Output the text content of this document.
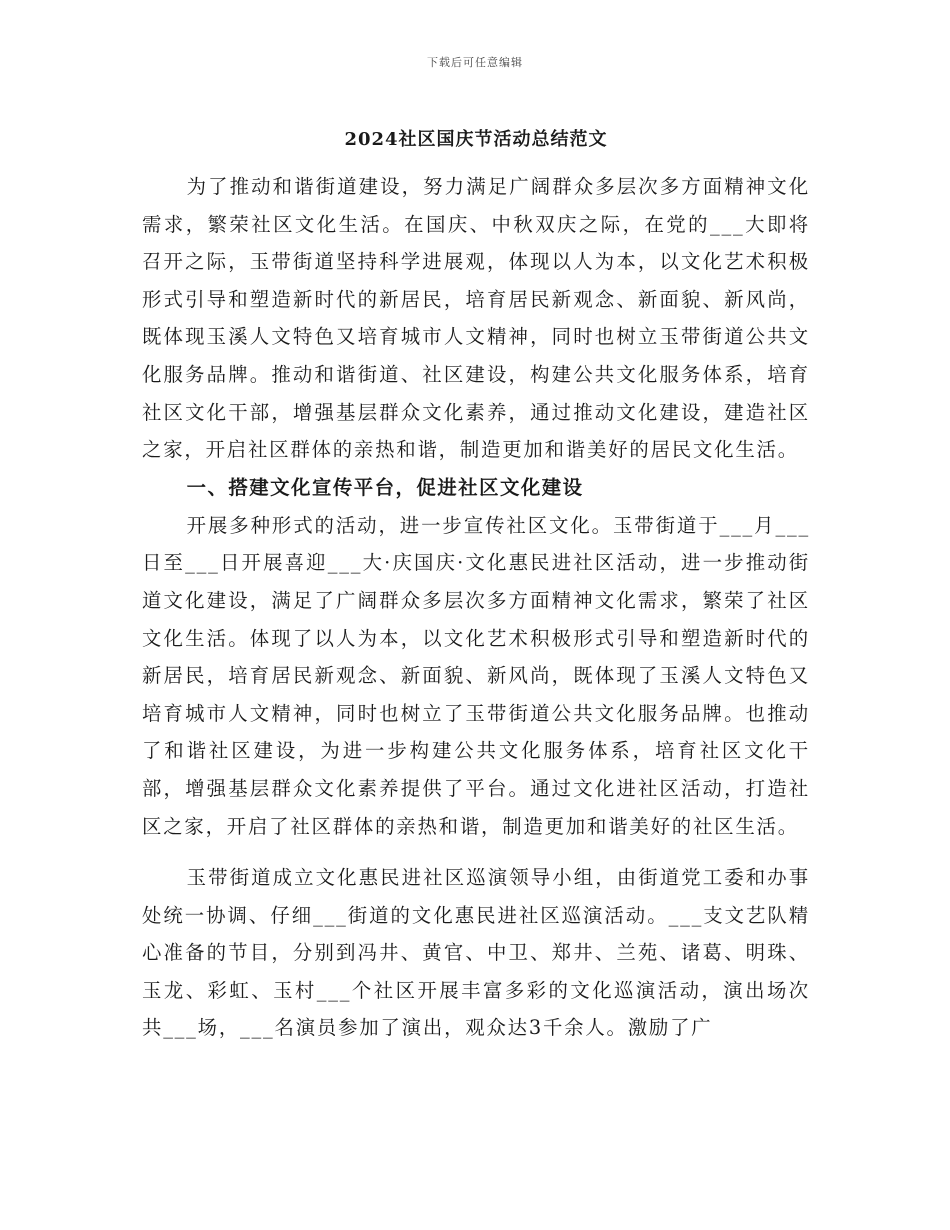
下载后可任意编辑
2024社区国庆节活动总结范文

为了推动和谐街道建设，努力满足广阔群众多层次多方面精神文化需求，繁荣社区文化生活。在国庆、中秋双庆之际，在党的___大即将召开之际，玉带街道坚持科学进展观，体现以人为本，以文化艺术积极形式引导和塑造新时代的新居民，培育居民新观念、新面貌、新风尚，既体现玉溪人文特色又培育城市人文精神，同时也树立玉带街道公共文化服务品牌。推动和谐街道、社区建设，构建公共文化服务体系，培育社区文化干部，增强基层群众文化素养，通过推动文化建设，建造社区之家，开启社区群体的亲热和谐，制造更加和谐美好的居民文化生活。

一、搭建文化宣传平台，促进社区文化建设

开展多种形式的活动，进一步宣传社区文化。玉带街道于___月___日至___日开展喜迎___大·庆国庆·文化惠民进社区活动，进一步推动街道文化建设，满足了广阔群众多层次多方面精神文化需求，繁荣了社区文化生活。体现了以人为本，以文化艺术积极形式引导和塑造新时代的新居民，培育居民新观念、新面貌、新风尚，既体现了玉溪人文特色又培育城市人文精神，同时也树立了玉带街道公共文化服务品牌。也推动了和谐社区建设，为进一步构建公共文化服务体系，培育社区文化干部，增强基层群众文化素养提供了平台。通过文化进社区活动，打造社区之家，开启了社区群体的亲热和谐，制造更加和谐美好的社区生活。

玉带街道成立文化惠民进社区巡演领导小组，由街道党工委和办事处统一协调、仔细___街道的文化惠民进社区巡演活动。___支文艺队精心准备的节目，分别到冯井、黄官、中卫、郑井、兰苑、诸葛、明珠、玉龙、彩虹、玉村___个社区开展丰富多彩的文化巡演活动，演出场次共___场，___名演员参加了演出，观众达3千余人。激励了广
